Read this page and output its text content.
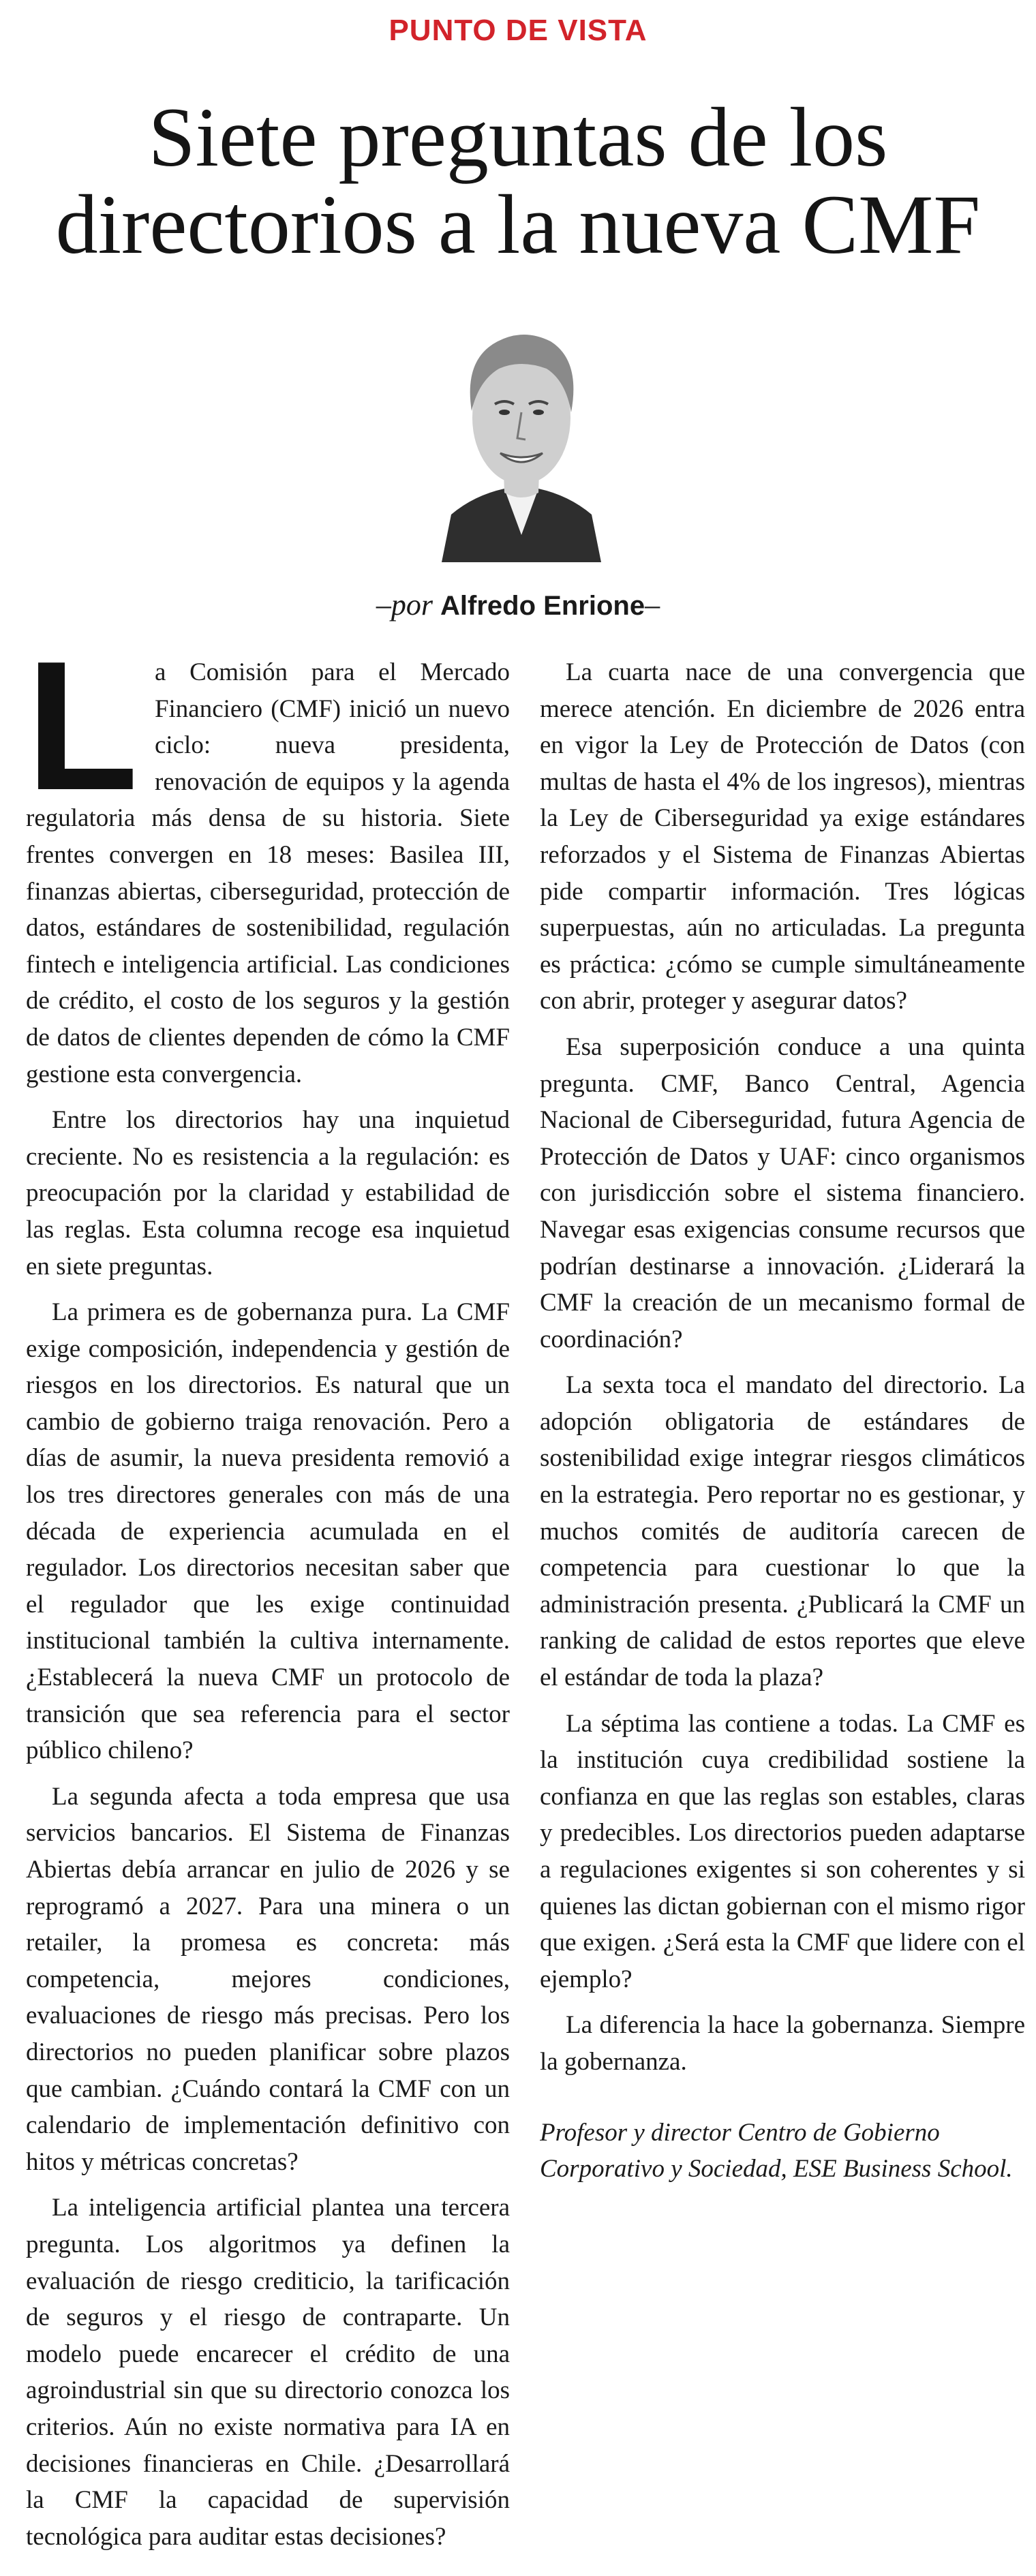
PUNTO DE VISTA
Siete preguntas de los directorios a la nueva CMF
–por Alfredo Enrione–

La Comisión para el Mercado Financiero (CMF) inició un nuevo ciclo: nueva presidenta, renovación de equipos y la agenda regulatoria más densa de su historia. Siete frentes convergen en 18 meses: Basilea III, finanzas abiertas, ciberseguridad, protección de datos, estándares de sostenibilidad, regulación fintech e inteligencia artificial. Las condiciones de crédito, el costo de los seguros y la gestión de datos de clientes dependen de cómo la CMF gestione esta convergencia.

Entre los directorios hay una inquietud creciente. No es resistencia a la regulación: es preocupación por la claridad y estabilidad de las reglas. Esta columna recoge esa inquietud en siete preguntas.

La primera es de gobernanza pura. La CMF exige composición, independencia y gestión de riesgos en los directorios. Es natural que un cambio de gobierno traiga renovación. Pero a días de asumir, la nueva presidenta removió a los tres directores generales con más de una década de experiencia acumulada en el regulador. Los directorios necesitan saber que el regulador que les exige continuidad institucional también la cultiva internamente. ¿Establecerá la nueva CMF un protocolo de transición que sea referencia para el sector público chileno?

La segunda afecta a toda empresa que usa servicios bancarios. El Sistema de Finanzas Abiertas debía arrancar en julio de 2026 y se reprogramó a 2027. Para una minera o un retailer, la promesa es concreta: más competencia, mejores condiciones, evaluaciones de riesgo más precisas. Pero los directorios no pueden planificar sobre plazos que cambian. ¿Cuándo contará la CMF con un calendario de implementación definitivo con hitos y métricas concretas?

La inteligencia artificial plantea una tercera pregunta. Los algoritmos ya definen la evaluación de riesgo crediticio, la tarificación de seguros y el riesgo de contraparte. Un modelo puede encarecer el crédito de una agroindustrial sin que su directorio conozca los criterios. Aún no existe normativa para IA en decisiones financieras en Chile. ¿Desarrollará la CMF la capacidad de supervisión tecnológica para auditar estas decisiones?

La cuarta nace de una convergencia que merece atención. En diciembre de 2026 entra en vigor la Ley de Protección de Datos (con multas de hasta el 4% de los ingresos), mientras la Ley de Ciberseguridad ya exige estándares reforzados y el Sistema de Finanzas Abiertas pide compartir información. Tres lógicas superpuestas, aún no articuladas. La pregunta es práctica: ¿cómo se cumple simultáneamente con abrir, proteger y asegurar datos?

Esa superposición conduce a una quinta pregunta. CMF, Banco Central, Agencia Nacional de Ciberseguridad, futura Agencia de Protección de Datos y UAF: cinco organismos con jurisdicción sobre el sistema financiero. Navegar esas exigencias consume recursos que podrían destinarse a innovación. ¿Liderará la CMF la creación de un mecanismo formal de coordinación?

La sexta toca el mandato del directorio. La adopción obligatoria de estándares de sostenibilidad exige integrar riesgos climáticos en la estrategia. Pero reportar no es gestionar, y muchos comités de auditoría carecen de competencia para cuestionar lo que la administración presenta. ¿Publicará la CMF un ranking de calidad de estos reportes que eleve el estándar de toda la plaza?

La séptima las contiene a todas. La CMF es la institución cuya credibilidad sostiene la confianza en que las reglas son estables, claras y predecibles. Los directorios pueden adaptarse a regulaciones exigentes si son coherentes y si quienes las dictan gobiernan con el mismo rigor que exigen. ¿Será esta la CMF que lidere con el ejemplo?

La diferencia la hace la gobernanza. Siempre la gobernanza.

Profesor y director Centro de Gobierno Corporativo y Sociedad, ESE Business School.
